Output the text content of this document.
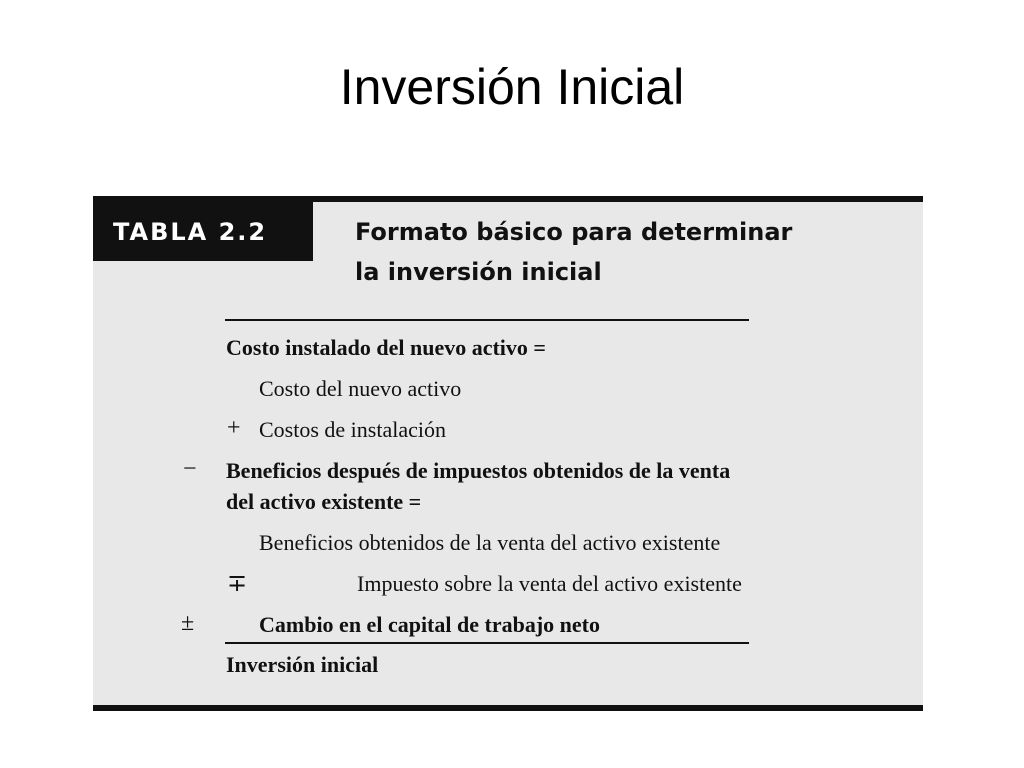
Inversión Inicial
TABLA 2.2	Formato básico para determinar
la inversión inicial
Costo instalado del nuevo activo =
Costo del nuevo activo
+ Costos de instalación
− Beneficios después de impuestos obtenidos de la venta
del activo existente =
Beneficios obtenidos de la venta del activo existente
∓	Impuesto sobre la venta del activo existente
±	Cambio en el capital de trabajo neto
Inversión inicial
